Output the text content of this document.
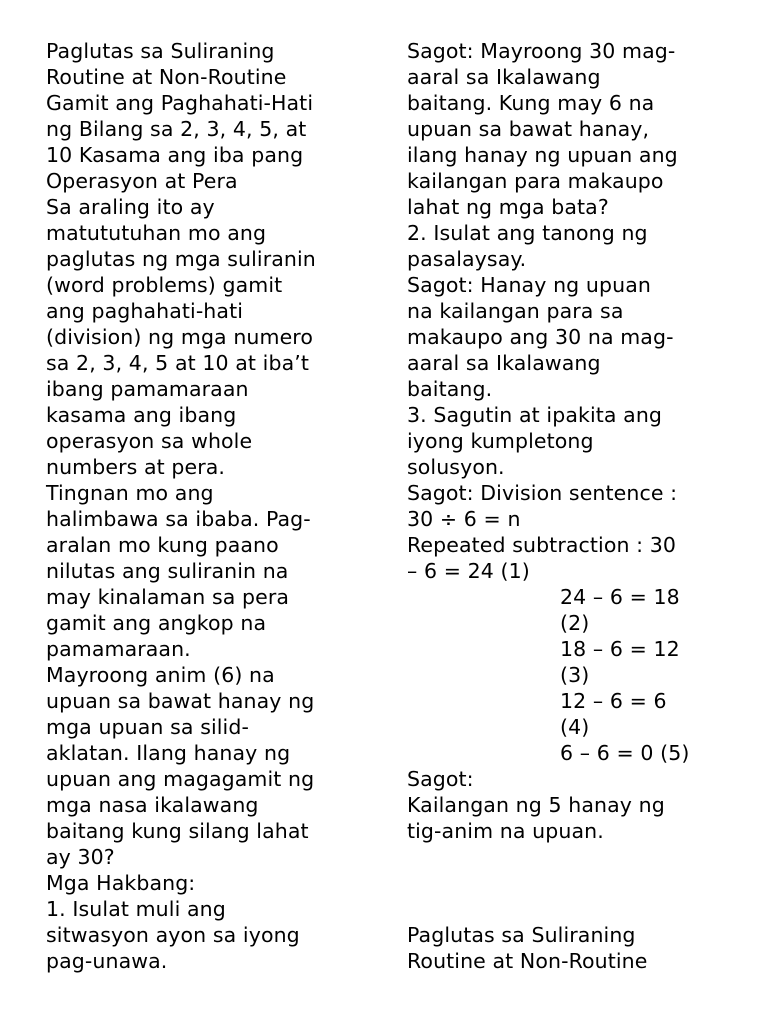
Paglutas sa Suliraning
Routine at Non-Routine
Gamit ang Paghahati-Hati
ng Bilang sa 2, 3, 4, 5, at
10 Kasama ang iba pang
Operasyon at Pera
Sa araling ito ay
matututuhan mo ang
paglutas ng mga suliranin
(word problems) gamit
ang paghahati-hati
(division) ng mga numero
sa 2, 3, 4, 5 at 10 at iba’t
ibang pamamaraan
kasama ang ibang
operasyon sa whole
numbers at pera.
Tingnan mo ang
halimbawa sa ibaba. Pag-
aralan mo kung paano
nilutas ang suliranin na
may kinalaman sa pera
gamit ang angkop na
pamamaraan.
Mayroong anim (6) na
upuan sa bawat hanay ng
mga upuan sa silid-
aklatan. Ilang hanay ng
upuan ang magagamit ng
mga nasa ikalawang
baitang kung silang lahat
ay 30?
Mga Hakbang:
1. Isulat muli ang
sitwasyon ayon sa iyong
pag-unawa.
Sagot: Mayroong 30 mag-
aaral sa Ikalawang
baitang. Kung may 6 na
upuan sa bawat hanay,
ilang hanay ng upuan ang
kailangan para makaupo
lahat ng mga bata?
2. Isulat ang tanong ng
pasalaysay.
Sagot: Hanay ng upuan
na kailangan para sa
makaupo ang 30 na mag-
aaral sa Ikalawang
baitang.
3. Sagutin at ipakita ang
iyong kumpletong
solusyon.
Sagot: Division sentence :
30 ÷ 6 = n
Repeated subtraction : 30
– 6 = 24 (1)
24 – 6 = 18
(2)
18 – 6 = 12
(3)
12 – 6 = 6
(4)
6 – 6 = 0 (5)
Sagot:
Kailangan ng 5 hanay ng
tig-anim na upuan.
Paglutas sa Suliraning
Routine at Non-Routine
